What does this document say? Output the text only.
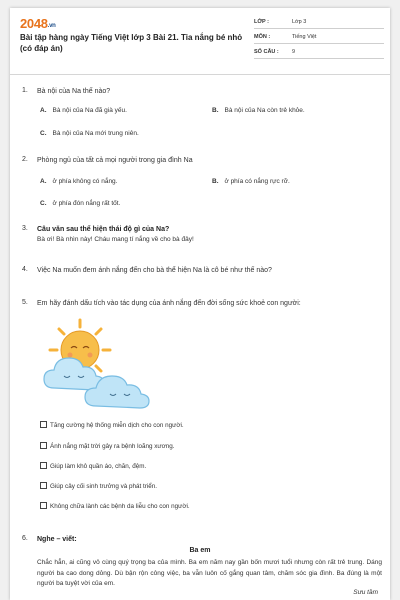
2048.vn
Bài tập hàng ngày Tiếng Việt lớp 3 Bài 21. Tia nắng bé nhỏ (có đáp án)
LỚP :	Lớp 3
MÔN :	Tiếng Việt
SỐ CÂU : 9
1. Bà nội của Na thế nào?
A. Bà nội của Na đã già yếu.	B. Bà nội của Na còn trẻ khỏe.
C. Bà nội của Na mới trung niên.
2. Phòng ngủ của tất cả mọi người trong gia đình Na
A. ở phía không có nắng.	B. ở phía có nắng rực rỡ.
C. ở phía đón nắng rất tốt.
3. Câu văn sau thể hiện thái độ gì của Na?
Bà ơi! Bà nhìn này! Cháu mang tí nắng về cho bà đây!
4. Việc Na muốn đem ánh nắng đến cho bà thể hiện Na là cô bé như thế nào?
5. Em hãy đánh dấu tích vào tác dụng của ánh nắng đến đời sống sức khoẻ con người:
Tăng cường hệ thống miễn dịch cho con người.
Ánh nắng mặt trời gây ra bệnh loãng xương.
Giúp làm khô quần áo, chăn, đệm.
Giúp cây cối sinh trưởng và phát triển.
Không chữa lành các bệnh da liễu cho con người.
6. Nghe – viết:
Ba em
Chắc hẳn, ai cũng vô cùng quý trọng ba của mình. Ba em năm nay gần bốn mươi tuổi nhưng còn rất trẻ trung. Dáng người ba cao dong dỏng. Dù bận rộn công việc, ba vẫn luôn cố gắng quan tâm, chăm sóc gia đình. Ba đúng là một người ba tuyệt vời của em.
Sưu tầm
